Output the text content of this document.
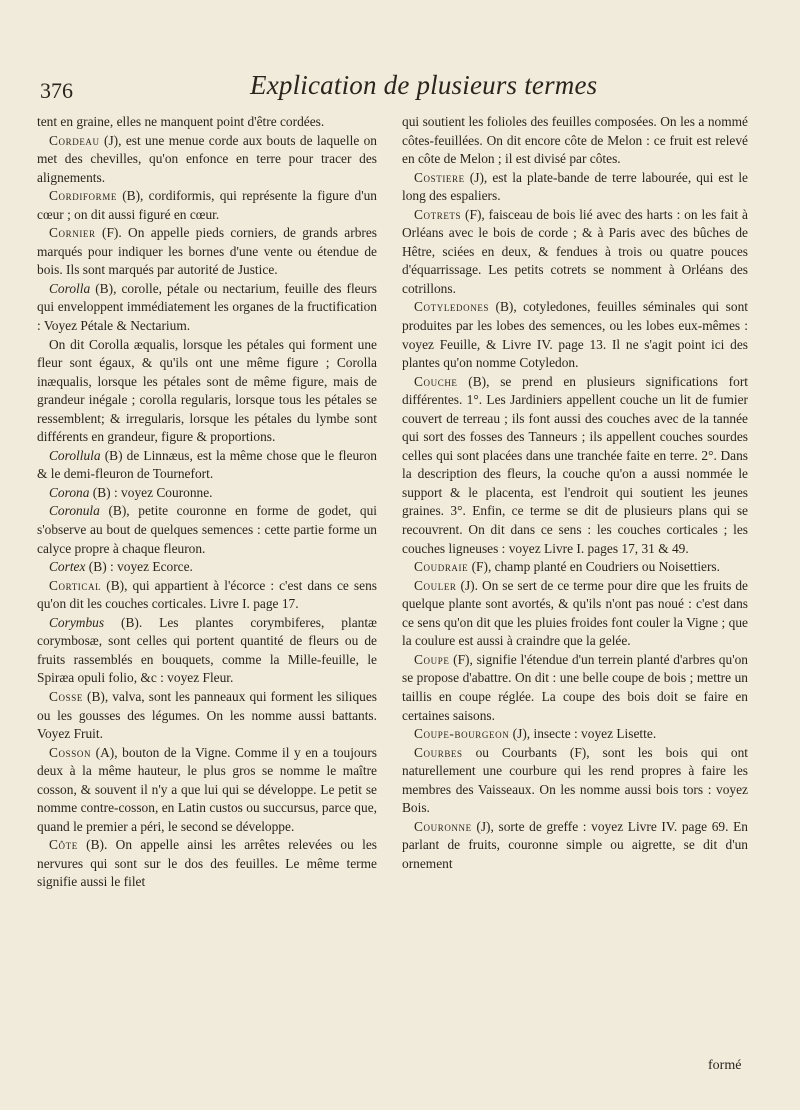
376	Explication de plusieurs termes

tent en graine, elles ne manquent point d'être cordées.

Cordeau (J), est une menue corde aux bouts de laquelle on met des chevilles, qu'on enfonce en terre pour tracer des alignements.

Cordiforme (B), cordiformis, qui représente la figure d'un cœur ; on dit aussi figuré en cœur.

Cornier (F). On appelle pieds corniers, de grands arbres marqués pour indiquer les bornes d'une vente ou étendue de bois. Ils sont marqués par autorité de Justice.

Corolla (B), corolle, pétale ou nectarium, feuille des fleurs qui enveloppent immédiatement les organes de la fructification : Voyez Pétale & Nectarium.

On dit Corolla æqualis, lorsque les pétales qui forment une fleur sont égaux, & qu'ils ont une même figure ; Corolla inæqualis, lorsque les pétales sont de même figure, mais de grandeur inégale ; corolla regularis, lorsque tous les pétales se ressemblent; & irregularis, lorsque les pétales du lymbe sont différents en grandeur, figure & proportions.

Corollula (B) de Linnæus, est la même chose que le fleuron & le demi-fleuron de Tournefort.

Corona (B) : voyez Couronne.

Coronula (B), petite couronne en forme de godet, qui s'observe au bout de quelques semences : cette partie forme un calyce propre à chaque fleuron.

Cortex (B) : voyez Ecorce.

Cortical (B), qui appartient à l'écorce : c'est dans ce sens qu'on dit les couches corticales. Livre I. page 17.

Corymbus (B). Les plantes corymbiferes, plantæ corymbosæ, sont celles qui portent quantité de fleurs ou de fruits rassemblés en bouquets, comme la Mille-feuille, le Spiræa opuli folio, &c : voyez Fleur.

Cosse (B), valva, sont les panneaux qui forment les siliques ou les gousses des légumes. On les nomme aussi battants. Voyez Fruit.

Cosson (A), bouton de la Vigne. Comme il y en a toujours deux à la même hauteur, le plus gros se nomme le maître cosson, & souvent il n'y a que lui qui se développe. Le petit se nomme contre-cosson, en Latin custos ou succursus, parce que, quand le premier a péri, le second se développe.

Côte (B). On appelle ainsi les arrêtes relevées ou les nervures qui sont sur le dos des feuilles. Le même terme signifie aussi le filet

qui soutient les folioles des feuilles composées. On les a nommé côtes-feuillées. On dit encore côte de Melon : ce fruit est relevé en côte de Melon ; il est divisé par côtes.

Costiere (J), est la plate-bande de terre labourée, qui est le long des espaliers.

Cotrets (F), faisceau de bois lié avec des harts : on les fait à Orléans avec le bois de corde ; & à Paris avec des bûches de Hêtre, sciées en deux, & fendues à trois ou quatre pouces d'équarrissage. Les petits cotrets se nomment à Orléans des cotrillons.

Cotyledones (B), cotyledones, feuilles séminales qui sont produites par les lobes des semences, ou les lobes eux-mêmes : voyez Feuille, & Livre IV. page 13. Il ne s'agit point ici des plantes qu'on nomme Cotyledon.

Couche (B), se prend en plusieurs significations fort différentes. 1°. Les Jardiniers appellent couche un lit de fumier couvert de terreau ; ils font aussi des couches avec de la tannée qui sort des fosses des Tanneurs ; ils appellent couches sourdes celles qui sont placées dans une tranchée faite en terre. 2°. Dans la description des fleurs, la couche qu'on a aussi nommée le support & le placenta, est l'endroit qui soutient les jeunes graines. 3°. Enfin, ce terme se dit de plusieurs plans qui se recouvrent. On dit dans ce sens : les couches corticales ; les couches ligneuses : voyez Livre I. pages 17, 31 & 49.

Coudraie (F), champ planté en Coudriers ou Noisettiers.

Couler (J). On se sert de ce terme pour dire que les fruits de quelque plante sont avortés, & qu'ils n'ont pas noué : c'est dans ce sens qu'on dit que les pluies froides font couler la Vigne ; que la coulure est aussi à craindre que la gelée.

Coupe (F), signifie l'étendue d'un terrein planté d'arbres qu'on se propose d'abattre. On dit : une belle coupe de bois ; mettre un taillis en coupe réglée. La coupe des bois doit se faire en certaines saisons.

Coupe-bourgeon (J), insecte : voyez Lisette.

Courbes ou Courbants (F), sont les bois qui ont naturellement une courbure qui les rend propres à faire les membres des Vaisseaux. On les nomme aussi bois tors : voyez Bois.

Couronne (J), sorte de greffe : voyez Livre IV. page 69. En parlant de fruits, couronne simple ou aigrette, se dit d'un ornement

formé
